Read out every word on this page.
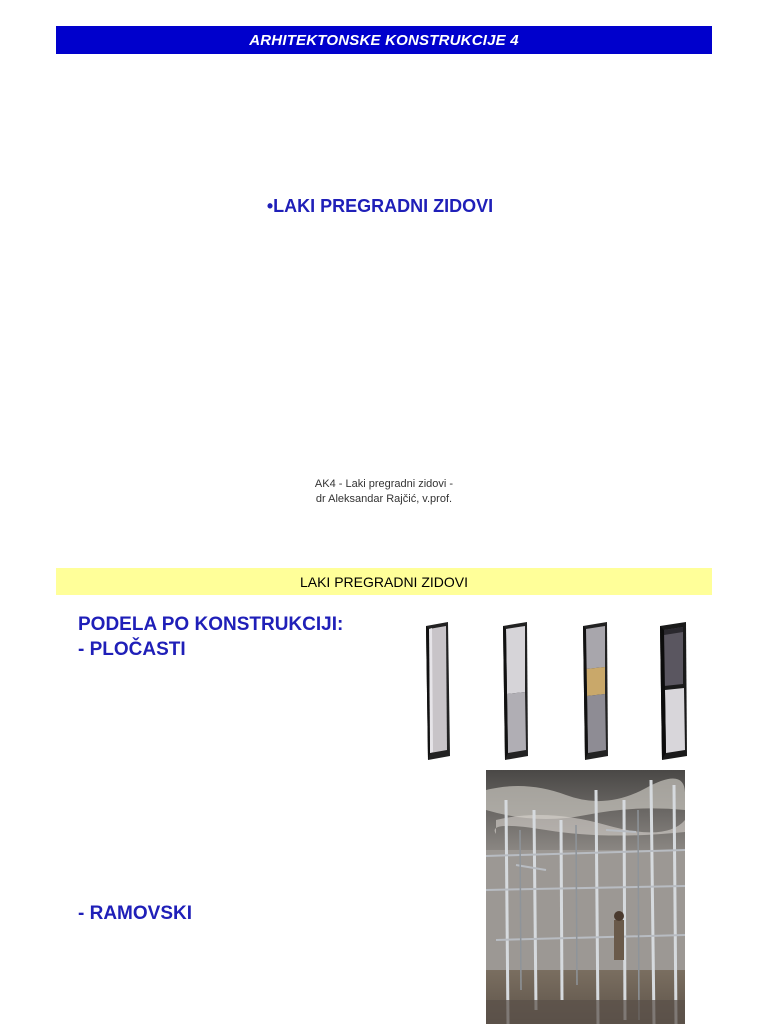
ARHITEKTONSKE KONSTRUKCIJE 4
•LAKI PREGRADNI ZIDOVI
AK4 - Laki pregradni zidovi -
dr Aleksandar Rajčić, v.prof.
LAKI PREGRADNI ZIDOVI
PODELA PO KONSTRUKCIJI:
- PLOČASTI
- RAMOVSKI
